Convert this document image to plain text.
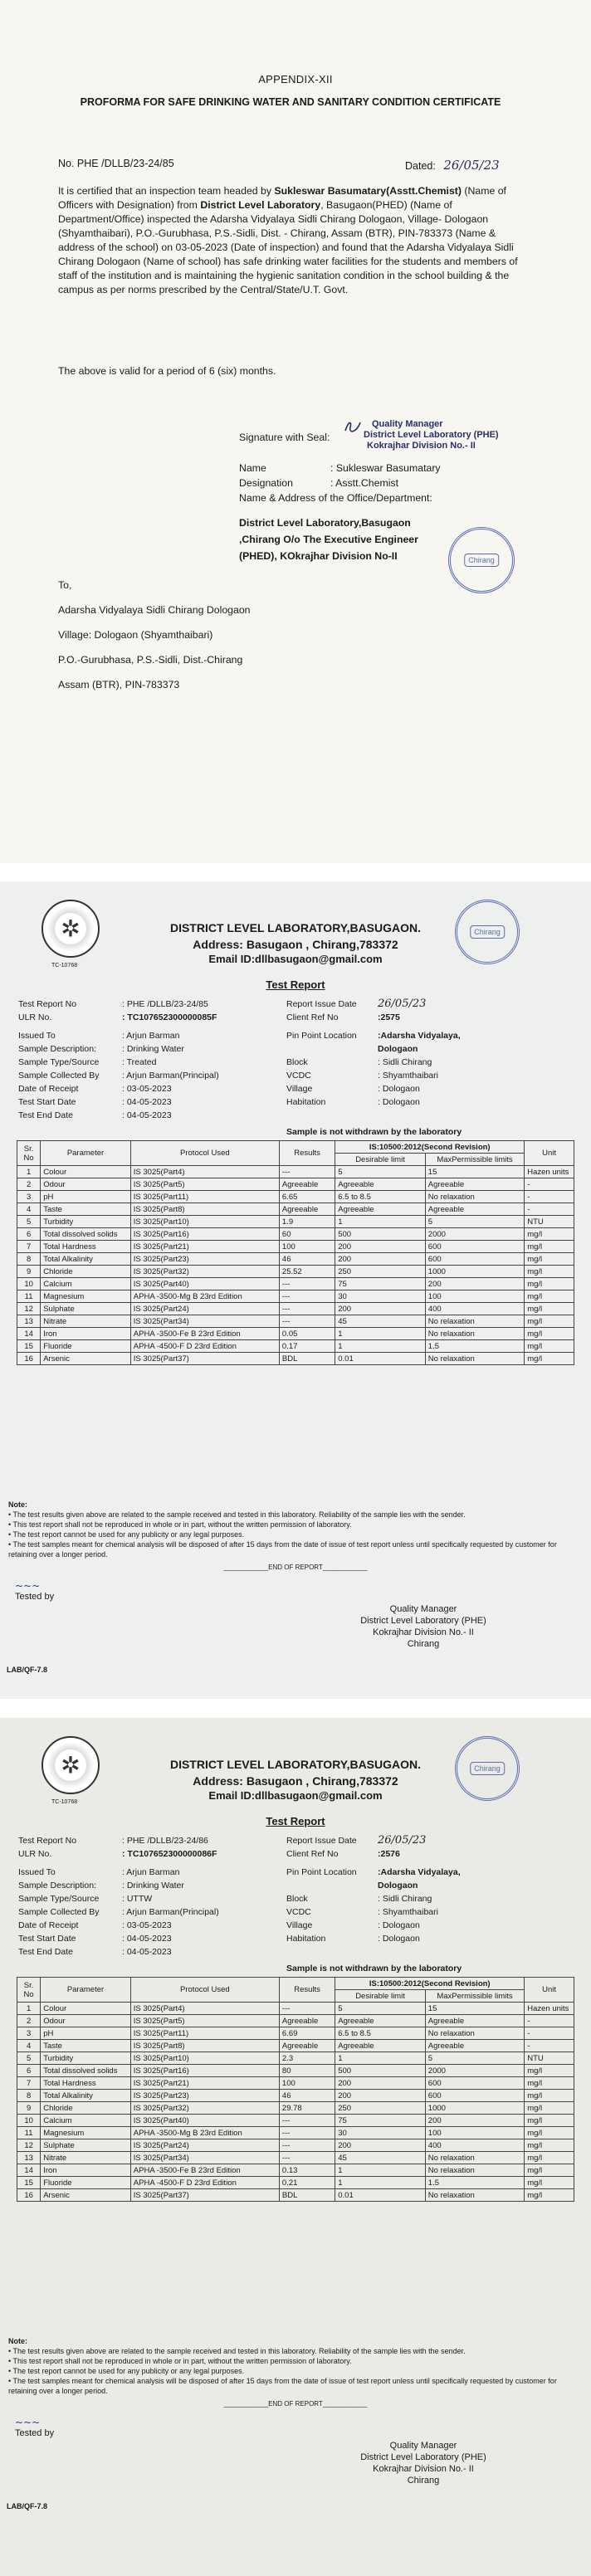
APPENDIX-XII
PROFORMA FOR SAFE DRINKING WATER AND SANITARY CONDITION CERTIFICATE
No. PHE /DLLB/23-24/85	Dated: 26/05/23
It is certified that an inspection team headed by Sukleswar Basumatary(Asstt.Chemist) (Name of Officers with Designation) from District Level Laboratory, Basugaon(PHED) (Name of Department/Office) inspected the Adarsha Vidyalaya Sidli Chirang Dologaon, Village- Dologaon (Shyamthaibari), P.O.-Gurubhasa, P.S.-Sidli, Dist. - Chirang, Assam (BTR), PIN-783373 (Name & address of the school) on 03-05-2023 (Date of inspection) and found that the Adarsha Vidyalaya Sidli Chirang Dologaon (Name of school) has safe drinking water facilities for the students and members of staff of the institution and is maintaining the hygienic sanitation condition in the school building & the campus as per norms prescribed by the Central/State/U.T. Govt.
The above is valid for a period of 6 (six) months.
Signature with Seal:
Quality Manager
District Level Laboratory (PHE)
Kokrajhar Division No.- II
Name	: Sukleswar Basumatary
Designation	: Asstt.Chemist
Name & Address of the Office/Department:
District Level Laboratory,Basugaon ,Chirang O/o The Executive Engineer (PHED), KOkrajhar Division No-II	Chirang
To,
Adarsha Vidyalaya Sidli Chirang Dologaon
Village: Dologaon (Shyamthaibari)
P.O.-Gurubhasa, P.S.-Sidli, Dist.-Chirang
Assam (BTR), PIN-783373
✲
TC-10768
Chirang
DISTRICT LEVEL LABORATORY,BASUGAON.
Address: Basugaon , Chirang,783372
Email ID:dllbasugaon@gmail.com
Test Report
Test Report No	: PHE /DLLB/23-24/85
ULR No.	: TC107652300000085F
Issued To	: Arjun Barman
Sample Description:	: Drinking Water
Sample Type/Source	: Treated
Sample Collected By	: Arjun Barman(Principal)
Date of Receipt	: 03-05-2023
Test Start Date	: 04-05-2023
Test End Date	: 04-05-2023
Report Issue Date 26/05/23
Client Ref No	:2575
Pin Point Location :Adarsha Vidyalaya, Dologaon
Block	: Sidli Chirang
VCDC	: Shyamthaibari
Village	: Dologaon
Habitation	: Dologaon
Sample is not withdrawn by the laboratory
Sr. No	Parameter	Protocol Used	Results	IS:10500:2012(Second Revision)		Unit
				Desirable limit	MaxPermissible limits	
1	Colour	IS 3025(Part4)	---	5	15	Hazen units
2	Odour	IS 3025(Part5)	Agreeable	Agreeable	Agreeable	-
3	pH	IS 3025(Part11)	6.65	6.5 to 8.5	No relaxation	-
4	Taste	IS 3025(Part8)	Agreeable	Agreeable	Agreeable	-
5	Turbidity	IS 3025(Part10)	1.9	1	5	NTU
6	Total dissolved solids	IS 3025(Part16)	60	500	2000	mg/l
7	Total Hardness	IS 3025(Part21)	100	200	600	mg/l
8	Total Alkalinity	IS 3025(Part23)	46	200	600	mg/l
9	Chloride	IS 3025(Part32)	25.52	250	1000	mg/l
10	Calcium	IS 3025(Part40)	---	75	200	mg/l
11	Magnesium	APHA -3500-Mg B 23rd Edition	---	30	100	mg/l
12	Sulphate	IS 3025(Part24)	---	200	400	mg/l
13	Nitrate	IS 3025(Part34)	---	45	No relaxation	mg/l
14	Iron	APHA -3500-Fe B 23rd Edition	0.05	1	No relaxation	mg/l
15	Fluoride	APHA -4500-F D 23rd Edition	0.17	1	1.5	mg/l
16	Arsenic	IS 3025(Part37)	BDL	0.01	No relaxation	mg/l
Note:
• The test results given above are related to the sample received and tested in this laboratory. Reliability of the sample lies with the sender.
• This test report shall not be reproduced in whole or in part, without the written permission of laboratory.
• The test report cannot be used for any publicity or any legal purposes.
• The test samples meant for chemical analysis will be disposed of after 15 days from the date of issue of test report unless until specifically requested by customer for retaining over a longer period.
____________END OF REPORT____________
~~~
Tested by
Quality Manager
District Level Laboratory (PHE)
Kokrajhar Division No.- II
Chirang
LAB/QF-7.8
✲
TC-10768
Chirang
DISTRICT LEVEL LABORATORY,BASUGAON.
Address: Basugaon , Chirang,783372
Email ID:dllbasugaon@gmail.com
Test Report
Test Report No	: PHE /DLLB/23-24/86
ULR No.	: TC107652300000086F
Issued To	: Arjun Barman
Sample Description:	: Drinking Water
Sample Type/Source	: UTTW
Sample Collected By	: Arjun Barman(Principal)
Date of Receipt	: 03-05-2023
Test Start Date	: 04-05-2023
Test End Date	: 04-05-2023
Report Issue Date 26/05/23
Client Ref No	:2576
Pin Point Location :Adarsha Vidyalaya, Dologaon
Block	: Sidli Chirang
VCDC	: Shyamthaibari
Village	: Dologaon
Habitation	: Dologaon
Sample is not withdrawn by the laboratory
Sr. No	Parameter	Protocol Used	Results	IS:10500:2012(Second Revision)		Unit
				Desirable limit	MaxPermissible limits	
1	Colour	IS 3025(Part4)	---	5	15	Hazen units
2	Odour	IS 3025(Part5)	Agreeable	Agreeable	Agreeable	-
3	pH	IS 3025(Part11)	6.69	6.5 to 8.5	No relaxation	-
4	Taste	IS 3025(Part8)	Agreeable	Agreeable	Agreeable	-
5	Turbidity	IS 3025(Part10)	2.3	1	5	NTU
6	Total dissolved solids	IS 3025(Part16)	80	500	2000	mg/l
7	Total Hardness	IS 3025(Part21)	100	200	600	mg/l
8	Total Alkalinity	IS 3025(Part23)	46	200	600	mg/l
9	Chloride	IS 3025(Part32)	29.78	250	1000	mg/l
10	Calcium	IS 3025(Part40)	---	75	200	mg/l
11	Magnesium	APHA -3500-Mg B 23rd Edition	---	30	100	mg/l
12	Sulphate	IS 3025(Part24)	---	200	400	mg/l
13	Nitrate	IS 3025(Part34)	---	45	No relaxation	mg/l
14	Iron	APHA -3500-Fe B 23rd Edition	0.13	1	No relaxation	mg/l
15	Fluoride	APHA -4500-F D 23rd Edition	0.21	1	1.5	mg/l
16	Arsenic	IS 3025(Part37)	BDL	0.01	No relaxation	mg/l
Note:
• The test results given above are related to the sample received and tested in this laboratory. Reliability of the sample lies with the sender.
• This test report shall not be reproduced in whole or in part, without the written permission of laboratory.
• The test report cannot be used for any publicity or any legal purposes.
• The test samples meant for chemical analysis will be disposed of after 15 days from the date of issue of test report unless until specifically requested by customer for retaining over a longer period.
____________END OF REPORT____________
~~~
Tested by
Quality Manager
District Level Laboratory (PHE)
Kokrajhar Division No.- II
Chirang
LAB/QF-7.8
